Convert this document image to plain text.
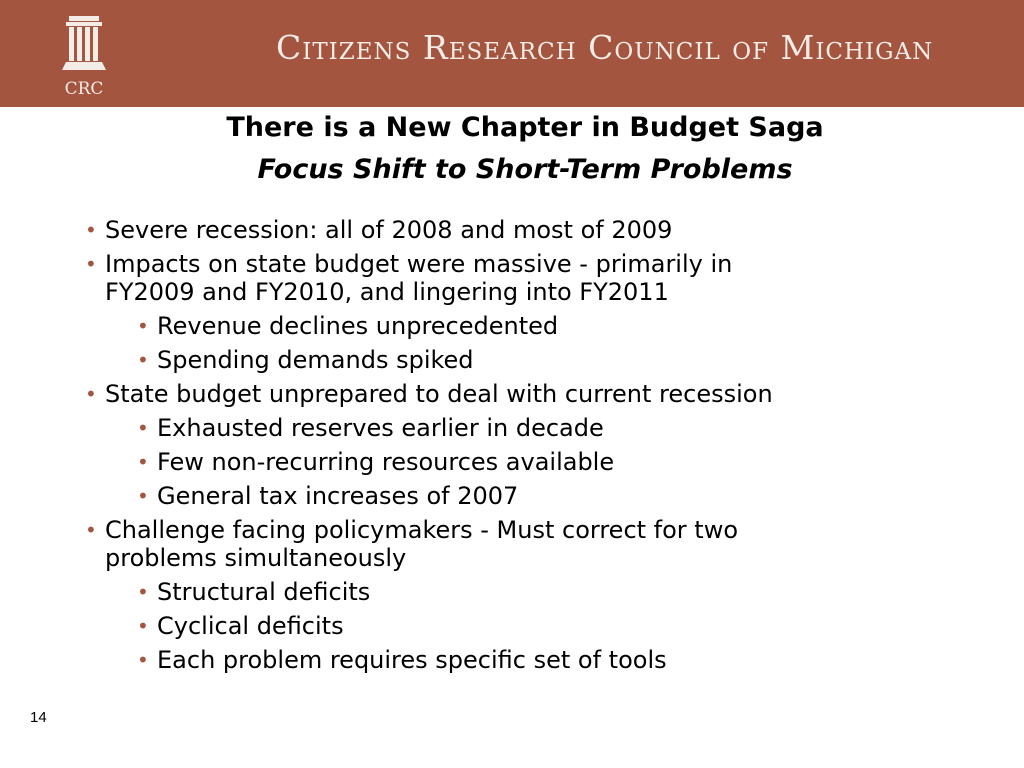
CRC
Citizens Research Council of Michigan
There is a New Chapter in Budget Saga
Focus Shift to Short-Term Problems
• Severe recession: all of 2008 and most of 2009
• Impacts on state budget were massive - primarily in
FY2009 and FY2010, and lingering into FY2011
• Revenue declines unprecedented
• Spending demands spiked
• State budget unprepared to deal with current recession
• Exhausted reserves earlier in decade
• Few non-recurring resources available
• General tax increases of 2007
• Challenge facing policymakers - Must correct for two
problems simultaneously
• Structural deficits
• Cyclical deficits
• Each problem requires specific set of tools
14
